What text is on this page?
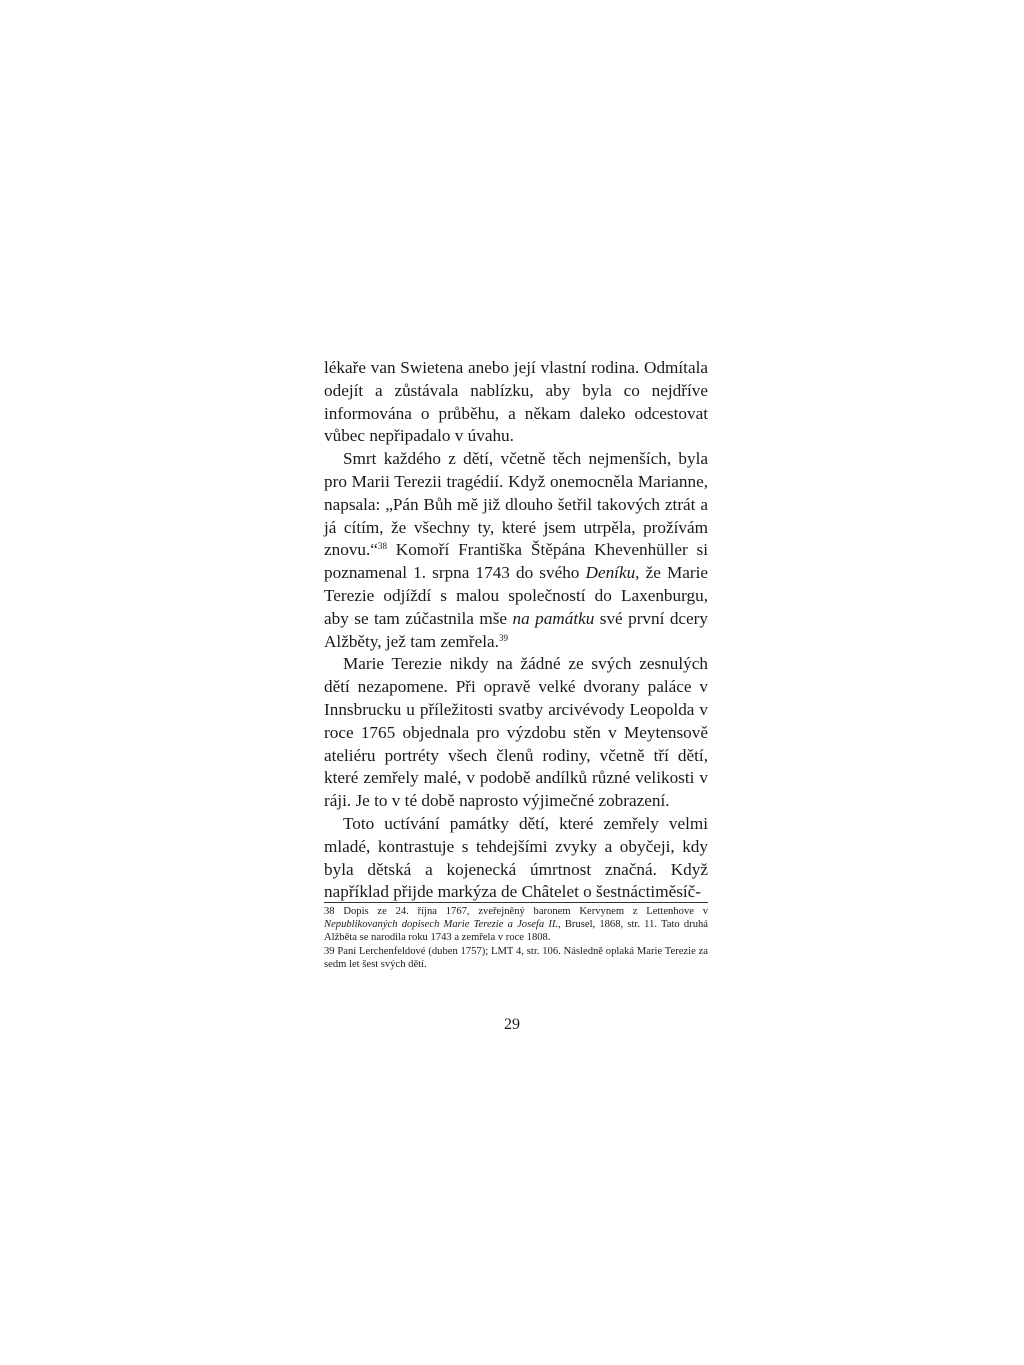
lékaře van Swietena anebo její vlastní rodina. Odmítala odejít a zůstávala nablízku, aby byla co nejdříve informována o průběhu, a někam daleko odcestovat vůbec nepřipadalo v úvahu.

Smrt každého z dětí, včetně těch nejmenších, byla pro Marii Terezii tragédií. Když onemocněla Marianne, napsala: „Pán Bůh mě již dlouho šetřil takových ztrát a já cítím, že všechny ty, které jsem utrpěla, prožívám znovu.“$^{38}$ Komoří Františka Štěpána Khevenhüller si poznamenal 1. srpna 1743 do svého Deníku, že Marie Terezie odjíždí s malou společností do Laxenburgu, aby se tam zúčastnila mše na památku své první dcery Alžběty, jež tam zemřela.$^{39}$

Marie Terezie nikdy na žádné ze svých zesnulých dětí nezapomene. Při opravě velké dvorany paláce v Innsbrucku u příležitosti svatby arcivévody Leopolda v roce 1765 objednala pro výzdobu stěn v Meytensově ateliéru portréty všech členů rodiny, včetně tří dětí, které zemřely malé, v podobě andílků různé velikosti v ráji. Je to v té době naprosto výjimečné zobrazení.

Toto uctívání památky dětí, které zemřely velmi mladé, kontrastuje s tehdejšími zvyky a obyčeji, kdy byla dětská a kojenecká úmrtnost značná. Když například přijde markýza de Châtelet o šestnáctiměsíč-

38 Dopis ze 24. října 1767, zveřejněný baronem Kervynem z Lettenhove v Nepublikovaných dopisech Marie Terezie a Josefa II., Brusel, 1868, str. 11. Tato druhá Alžběta se narodila roku 1743 a zemřela v roce 1808.

39 Paní Lerchenfeldové (duben 1757); LMT 4, str. 106. Následně oplaká Marie Terezie za sedm let šest svých dětí.

29
